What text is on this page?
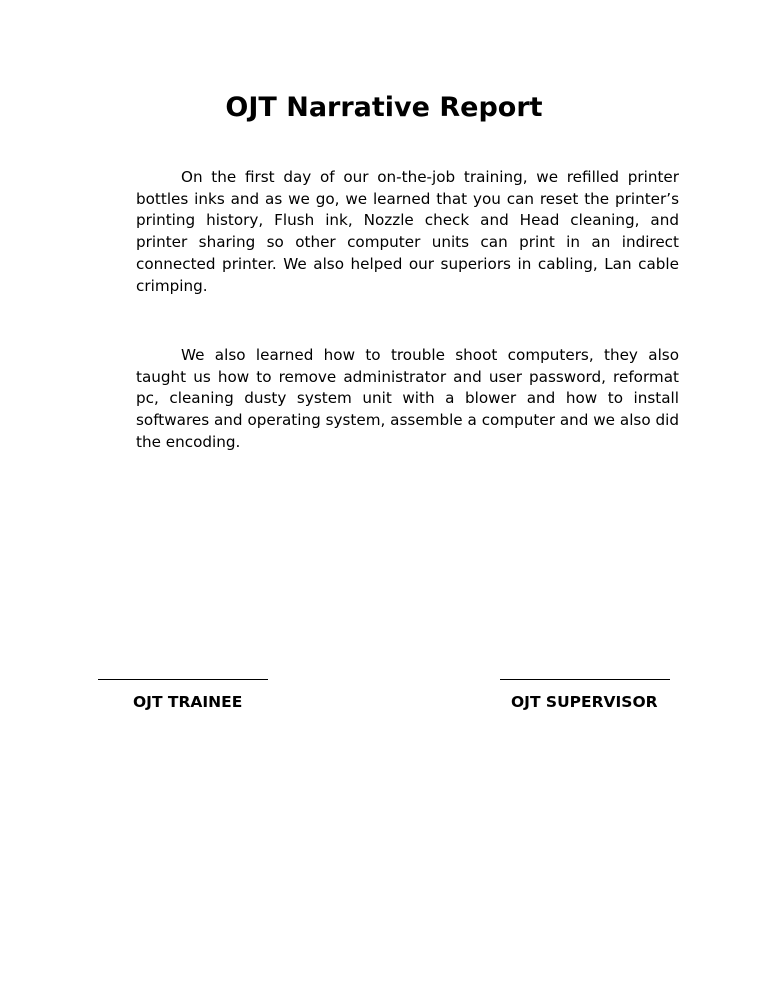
OJT Narrative Report

On the first day of our on-the-job training, we refilled printer bottles inks and as we go, we learned that you can reset the printer’s printing history, Flush ink, Nozzle check and Head cleaning, and printer sharing so other computer units can print in an indirect connected printer. We also helped our superiors in cabling, Lan cable crimping.

We also learned how to trouble shoot computers, they also taught us how to remove administrator and user password, reformat pc, cleaning dusty system unit with a blower and how to install softwares and operating system, assemble a computer and we also did the encoding.

OJT TRAINEE	OJT SUPERVISOR
